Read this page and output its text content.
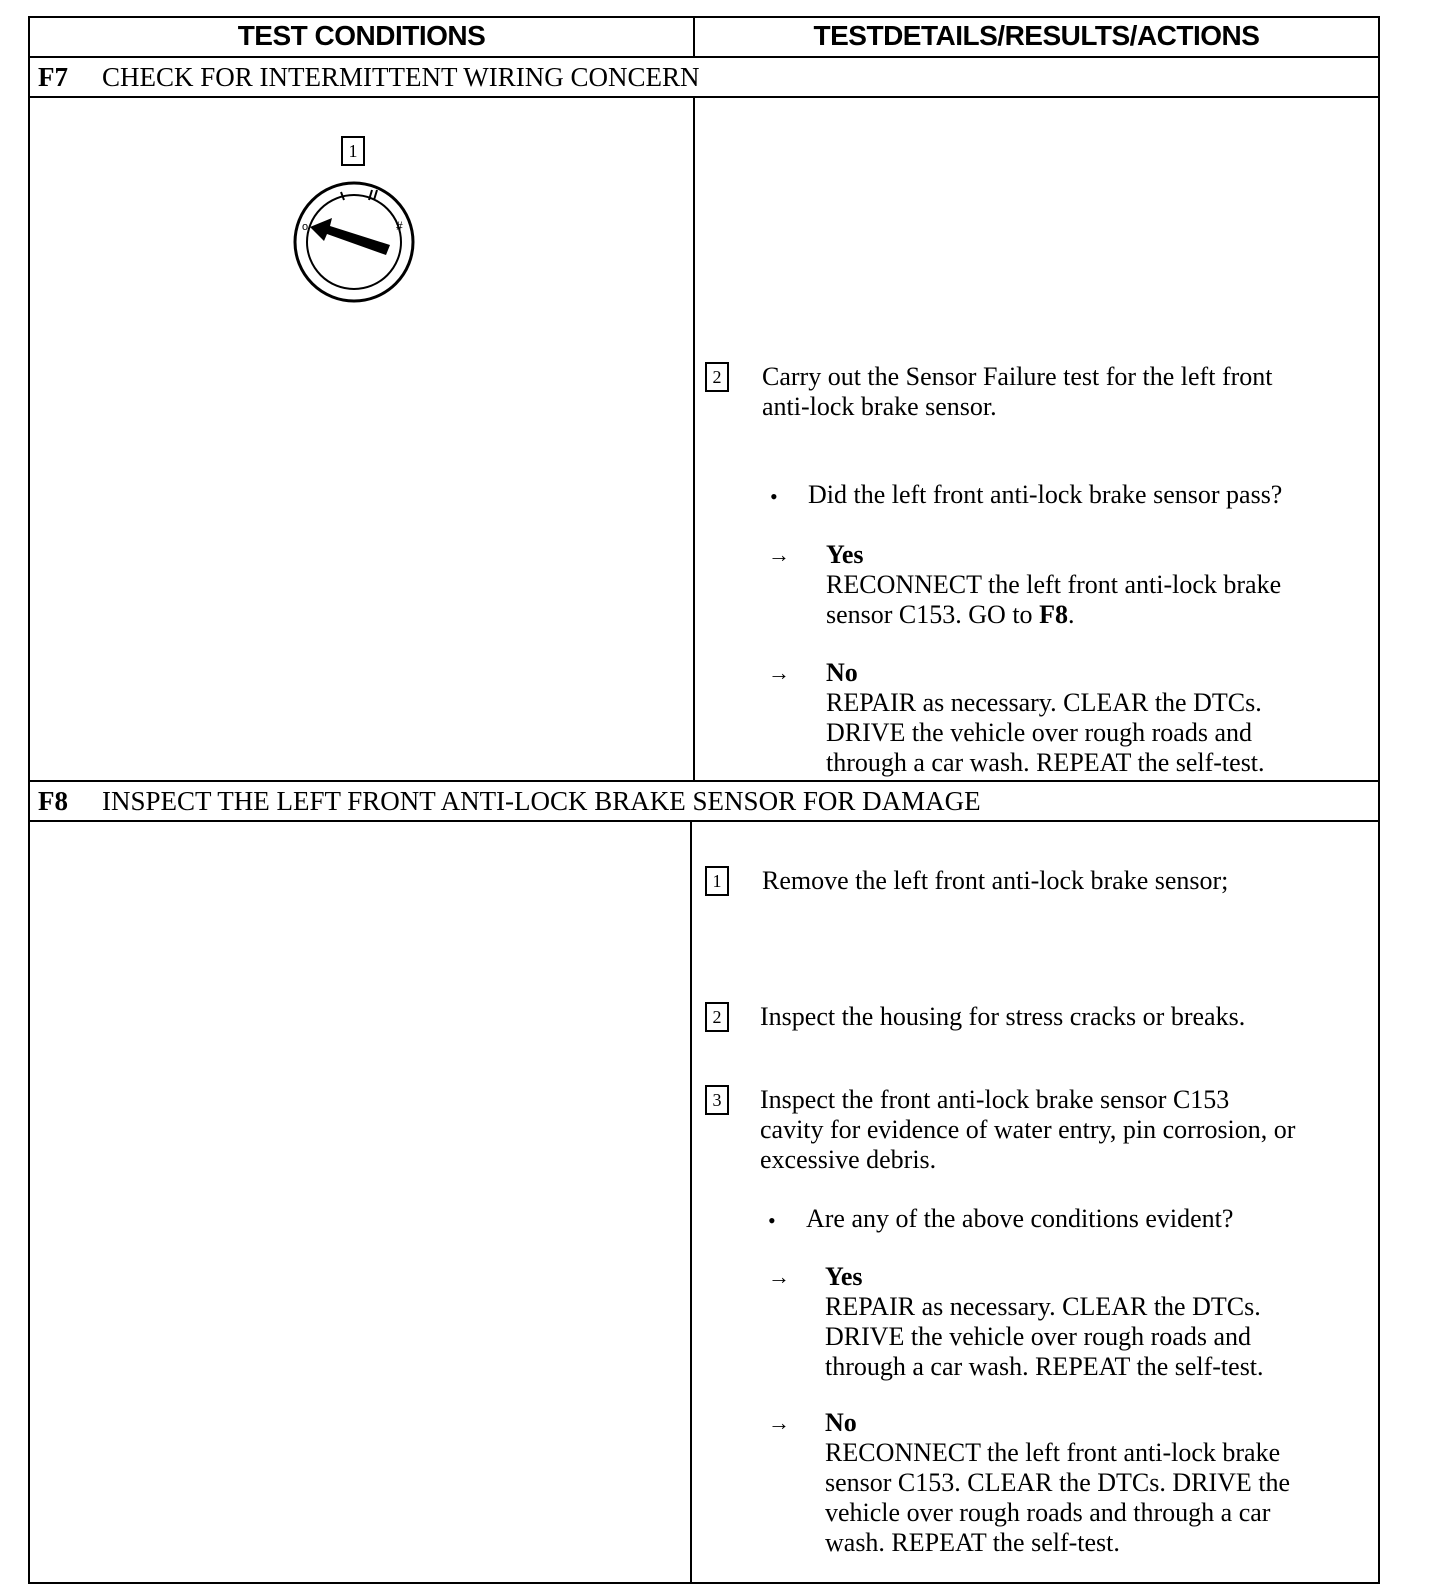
TEST CONDITIONS	TESTDETAILS/RESULTS/ACTIONS
F7	CHECK FOR INTERMITTENT WIRING CONCERN
1
o	#
2 Carry out the Sensor Failure test for the left front
anti-lock brake sensor.
• Did the left front anti-lock brake sensor pass?
→ Yes
RECONNECT the left front anti-lock brake
sensor C153. GO to F8.
→ No
REPAIR as necessary. CLEAR the DTCs.
DRIVE the vehicle over rough roads and
through a car wash. REPEAT the self-test.
F8	INSPECT THE LEFT FRONT ANTI-LOCK BRAKE SENSOR FOR DAMAGE
1 Remove the left front anti-lock brake sensor;
2 Inspect the housing for stress cracks or breaks.
3 Inspect the front anti-lock brake sensor C153
cavity for evidence of water entry, pin corrosion, or
excessive debris.
• Are any of the above conditions evident?
→ Yes
REPAIR as necessary. CLEAR the DTCs.
DRIVE the vehicle over rough roads and
through a car wash. REPEAT the self-test.
→ No
RECONNECT the left front anti-lock brake
sensor C153. CLEAR the DTCs. DRIVE the
vehicle over rough roads and through a car
wash. REPEAT the self-test.
